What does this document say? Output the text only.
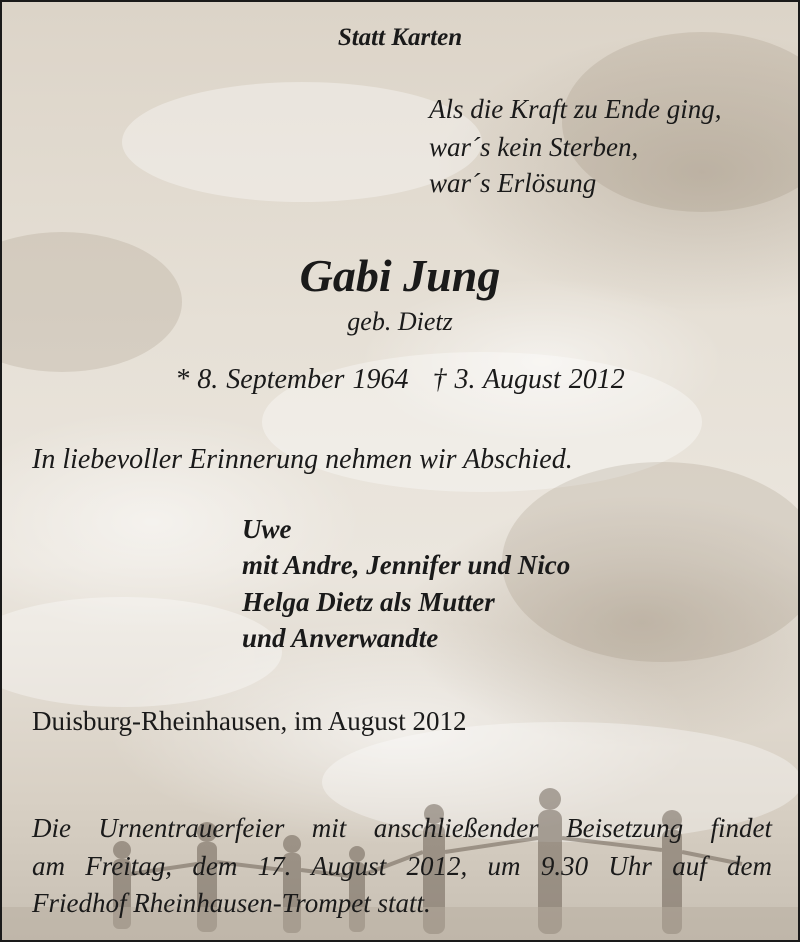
Statt Karten

Als die Kraft zu Ende ging,

war´s kein Sterben,

war´s Erlösung

Gabi Jung

geb. Dietz

* 8. September 1964   † 3. August 2012

In liebevoller Erinnerung nehmen wir Abschied.

Uwe

mit Andre, Jennifer und Nico

Helga Dietz als Mutter

und Anverwandte

Duisburg-Rheinhausen, im August 2012

Die Urnentrauerfeier mit anschließender Beisetzung findet

am Freitag, dem 17. August 2012, um 9.30 Uhr auf dem

Friedhof Rheinhausen-Trompet statt.
